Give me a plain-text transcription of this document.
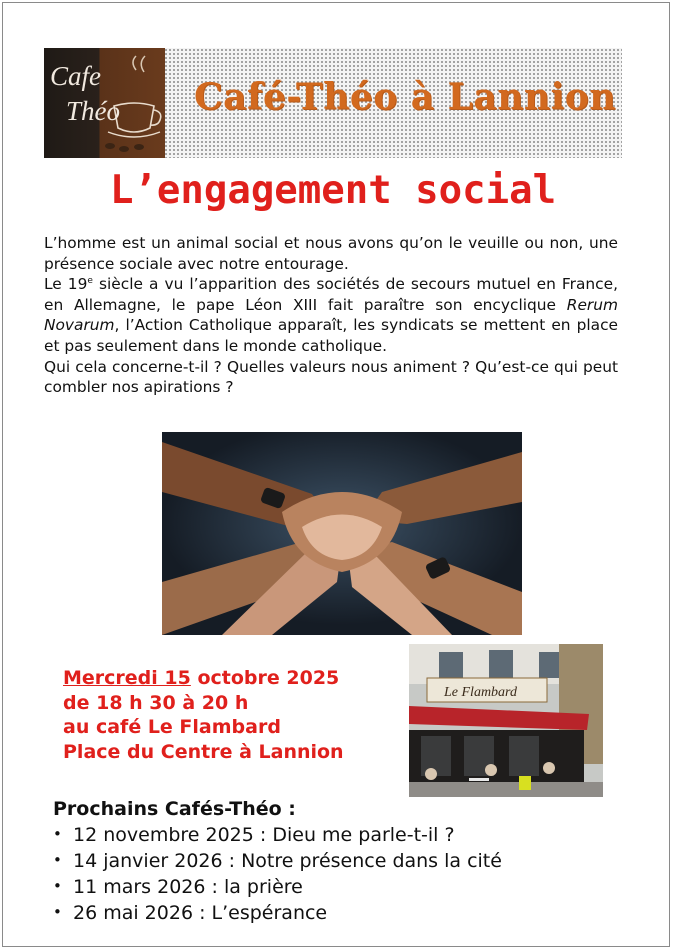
Cafe
Théo Café-Théo à Lannion
L’engagement social

L’homme est un animal social et nous avons qu’on le veuille ou non, une présence sociale avec notre entourage.

Le 19e siècle a vu l’apparition des sociétés de secours mutuel en France, en Allemagne, le pape Léon XIII fait paraître son encyclique Rerum Novarum, l’Action Catholique apparaît, les syndicats se mettent en place et pas seulement dans le monde catholique.

Qui cela concerne-t-il ? Quelles valeurs nous animent ? Qu’est-ce qui peut combler nos apirations ?

Mercredi 15 octobre 2025
de 18 h 30 à 20 h
au café Le Flambard
Place du Centre à Lannion
Le Flambard
Prochains Cafés-Théo :
• 12 novembre 2025 : Dieu me parle-t-il ?
• 14 janvier 2026 : Notre présence dans la cité
• 11 mars 2026 : la prière
• 26 mai 2026 : L’espérance
